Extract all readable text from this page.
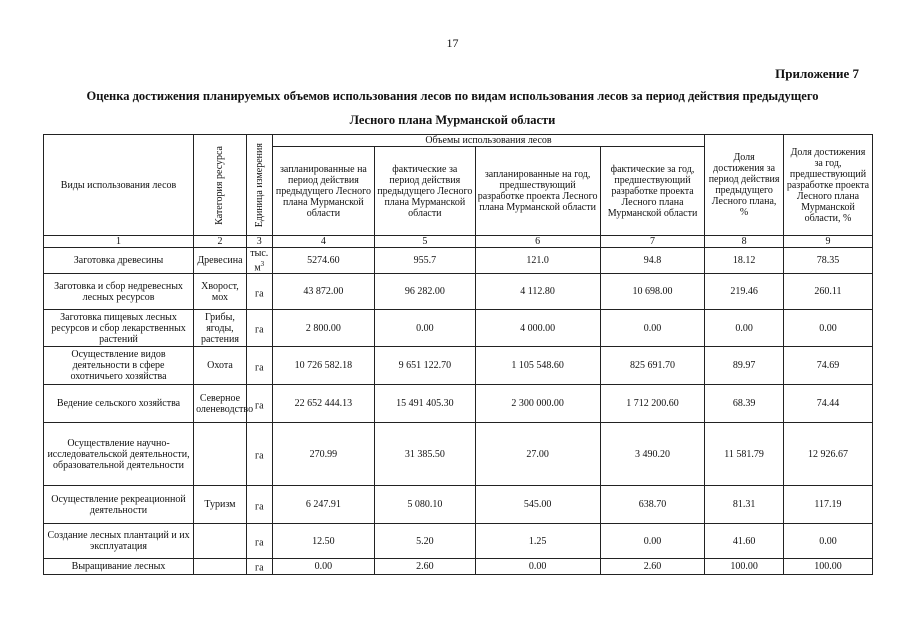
17
Приложение 7
Оценка достижения планируемых объемов использования лесов по видам использования лесов за период действия предыдущего
Лесного плана Мурманской области
Виды использования лесов	Категория ресурса	Единица измерения	Объемы использования лесов				Доля достижения за период действия предыдущего Лесного плана, %	Доля достижения за год, предшествующий разработке проекта Лесного плана Мурманской области, %
			запланированные на период действия предыдущего Лесного плана Мурманской области	фактические за период действия предыдущего Лесного плана Мурманской области	запланированные на год, предшествующий разработке проекта Лесного плана Мурманской области	фактические за год, предшествующий разработке проекта Лесного плана Мурманской области		
1	2	3	4	5	6	7	8	9
Заготовка древесины	Древесина	тыс. $м^3$	5274.60	955.7	121.0	94.8	18.12	78.35
Заготовка и сбор недревесных лесных ресурсов	Хворост, мох	га	43 872.00	96 282.00	4 112.80	10 698.00	219.46	260.11
Заготовка пищевых лесных ресурсов и сбор лекарственных растений	Грибы, ягоды, растения	га	2 800.00	0.00	4 000.00	0.00	0.00	0.00
Осуществление видов деятельности в сфере охотничьего хозяйства	Охота	га	10 726 582.18	9 651 122.70	1 105 548.60	825 691.70	89.97	74.69
Ведение сельского хозяйства	Северное оленеводство	га	22 652 444.13	15 491 405.30	2 300 000.00	1 712 200.60	68.39	74.44
Осуществление научно-исследовательской деятельности, образовательной деятельности		га	270.99	31 385.50	27.00	3 490.20	11 581.79	12 926.67
Осуществление рекреационной деятельности	Туризм	га	6 247.91	5 080.10	545.00	638.70	81.31	117.19
Создание лесных плантаций и их эксплуатация		га	12.50	5.20	1.25	0.00	41.60	0.00
Выращивание лесных		га	0.00	2.60	0.00	2.60	100.00	100.00
